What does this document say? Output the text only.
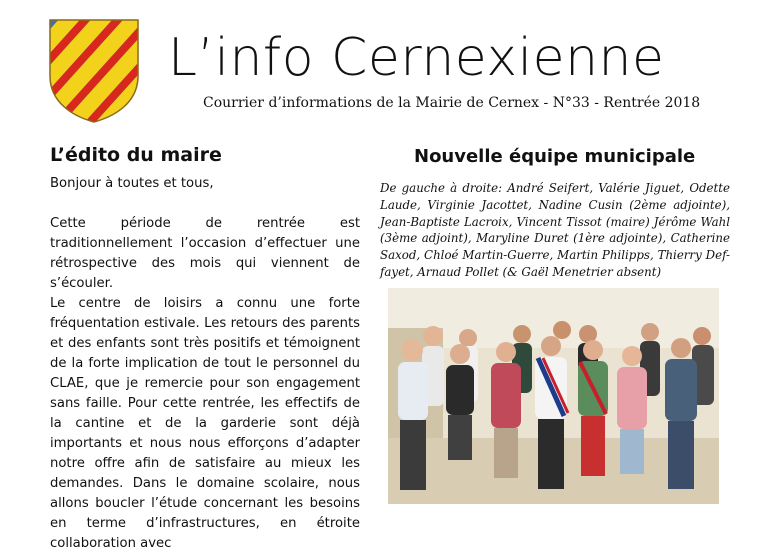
L’info Cernexienne
Courrier d’informations de la Mairie de Cernex - N°33 - Rentrée 2018
L’édito du maire

Bonjour à toutes et tous,

Cette période de rentrée est traditionnellement l’occasion d’effectuer une rétrospective des mois qui viennent de s’écouler.

Le centre de loisirs a connu une forte fréquentation estivale. Les retours des parents et des enfants sont très positifs et témoignent de la forte implication de tout le personnel du CLAE, que je remercie pour son engagement sans faille. Pour cette rentrée, les effectifs de la cantine et de la garderie sont déjà importants et nous nous efforçons d’adapter notre offre afin de satisfaire au mieux les demandes. Dans le domaine scolaire, nous allons boucler l’étude concernant les besoins en terme d’infrastructures, en étroite collaboration avec

Nouvelle équipe municipale
De gauche à droite: André Seifert, Valérie Jiguet, Odette Laude, Virginie Jacottet, Nadine Cusin (2ème adjointe), Jean-Baptiste Lacroix, Vincent Tissot (maire) Jérôme Wahl (3ème adjoint), Maryline Duret (1ère adjointe), Catherine Saxod, Chloé Martin-Guerre, Martin Philipps, Thierry Def-fayet, Arnaud Pollet (& Gaël Menetrier absent)
